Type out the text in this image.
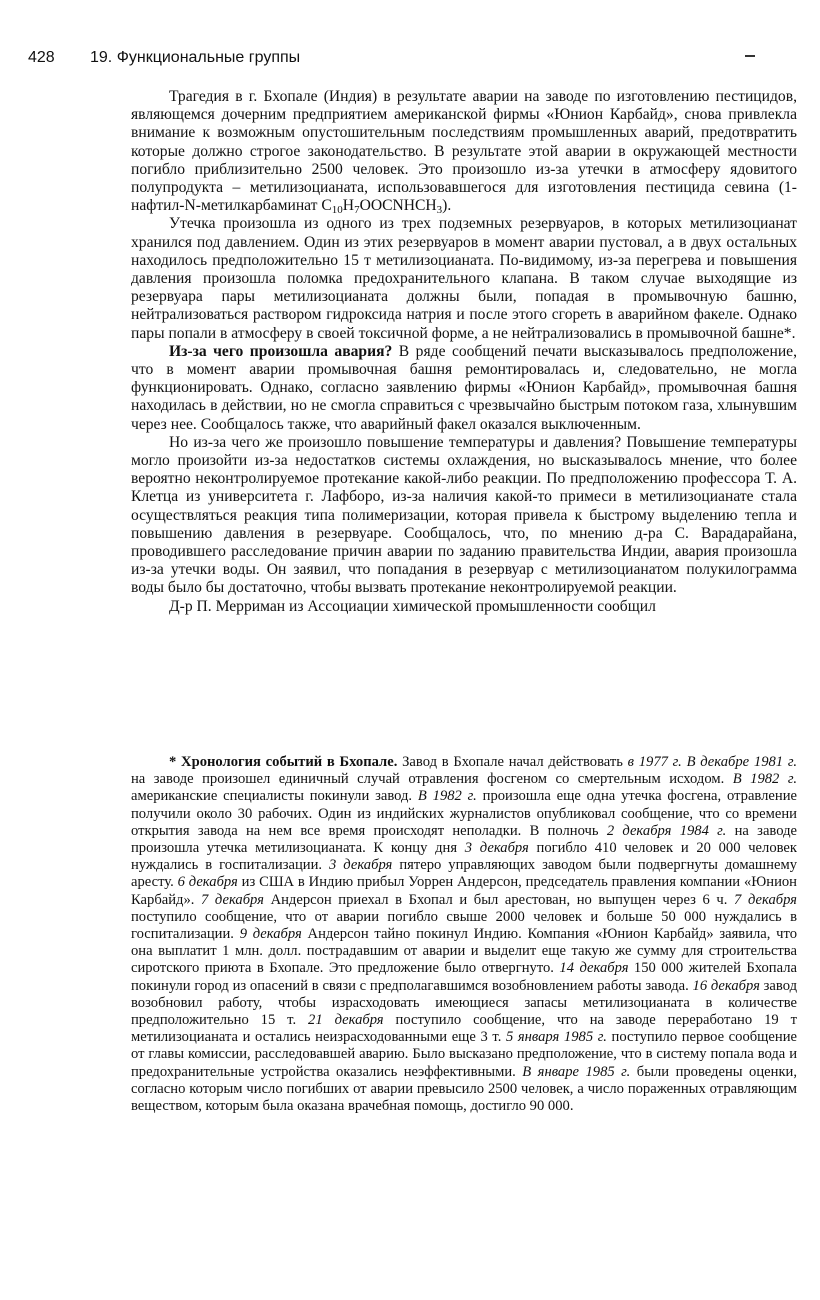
428 19. Функциональные группы

Трагедия в г. Бхопале (Индия) в результате аварии на заводе по изготовлению пестицидов, являющемся дочерним предприятием американской фирмы «Юнион Карбайд», снова привлекла внимание к возможным опустошительным последствиям промышленных аварий, предотвратить которые должно строгое законодательство. В результате этой аварии в окружающей местности погибло приблизительно 2500 человек. Это произошло из-за утечки в атмосферу ядовитого полупродукта – метилизоцианата, использовавшегося для изготовления пестицида севина (1-нафтил-N-метилкарбаминат $C_{10}H_7OOCNHCH_3$).

Утечка произошла из одного из трех подземных резервуаров, в которых метилизоцианат хранился под давлением. Один из этих резервуаров в момент аварии пустовал, а в двух остальных находилось предположительно 15 т метилизоцианата. По-видимому, из-за перегрева и повышения давления произошла поломка предохранительного клапана. В таком случае выходящие из резервуара пары метилизоцианата должны были, попадая в промывочную башню, нейтрализоваться раствором гидроксида натрия и после этого сгореть в аварийном факеле. Однако пары попали в атмосферу в своей токсичной форме, а не нейтрализовались в промывочной башне*.

Из-за чего произошла авария? В ряде сообщений печати высказывалось предположение, что в момент аварии промывочная башня ремонтировалась и, следовательно, не могла функционировать. Однако, согласно заявлению фирмы «Юнион Карбайд», промывочная башня находилась в действии, но не смогла справиться с чрезвычайно быстрым потоком газа, хлынувшим через нее. Сообщалось также, что аварийный факел оказался выключенным.

Но из-за чего же произошло повышение температуры и давления? Повышение температуры могло произойти из-за недостатков системы охлаждения, но высказывалось мнение, что более вероятно неконтролируемое протекание какой-либо реакции. По предположению профессора Т. А. Клетца из университета г. Лафборо, из-за наличия какой-то примеси в метилизоцианате стала осуществляться реакция типа полимеризации, которая привела к быстрому выделению тепла и повышению давления в резервуаре. Сообщалось, что, по мнению д-ра С. Варадарайана, проводившего расследование причин аварии по заданию правительства Индии, авария произошла из-за утечки воды. Он заявил, что попадания в резервуар с метилизоцианатом полукилограмма воды было бы достаточно, чтобы вызвать протекание неконтролируемой реакции.

Д-р П. Мерриман из Ассоциации химической промышленности сообщил

* Хронология событий в Бхопале. Завод в Бхопале начал действовать в 1977 г. В декабре 1981 г. на заводе произошел единичный случай отравления фосгеном со смертельным исходом. В 1982 г. американские специалисты покинули завод. В 1982 г. произошла еще одна утечка фосгена, отравление получили около 30 рабочих. Один из индийских журналистов опубликовал сообщение, что со времени открытия завода на нем все время происходят неполадки. В полночь 2 декабря 1984 г. на заводе произошла утечка метилизоцианата. К концу дня 3 декабря погибло 410 человек и 20 000 человек нуждались в госпитализации. 3 декабря пятеро управляющих заводом были подвергнуты домашнему аресту. 6 декабря из США в Индию прибыл Уоррен Андерсон, председатель правления компании «Юнион Карбайд». 7 декабря Андерсон приехал в Бхопал и был арестован, но выпущен через 6 ч. 7 декабря поступило сообщение, что от аварии погибло свыше 2000 человек и больше 50 000 нуждались в госпитализации. 9 декабря Андерсон тайно покинул Индию. Компания «Юнион Карбайд» заявила, что она выплатит 1 млн. долл. пострадавшим от аварии и выделит еще такую же сумму для строительства сиротского приюта в Бхопале. Это предложение было отвергнуто. 14 декабря 150 000 жителей Бхопала покинули город из опасений в связи с предполагавшимся возобновлением работы завода. 16 декабря завод возобновил работу, чтобы израсходовать имеющиеся запасы метилизоцианата в количестве предположительно 15 т. 21 декабря поступило сообщение, что на заводе переработано 19 т метилизоцианата и остались неизрасходованными еще 3 т. 5 января 1985 г. поступило первое сообщение от главы комиссии, расследовавшей аварию. Было высказано предположение, что в систему попала вода и предохранительные устройства оказались неэффективными. В январе 1985 г. были проведены оценки, согласно которым число погибших от аварии превысило 2500 человек, а число пораженных отравляющим веществом, которым была оказана врачебная помощь, достигло 90 000.
